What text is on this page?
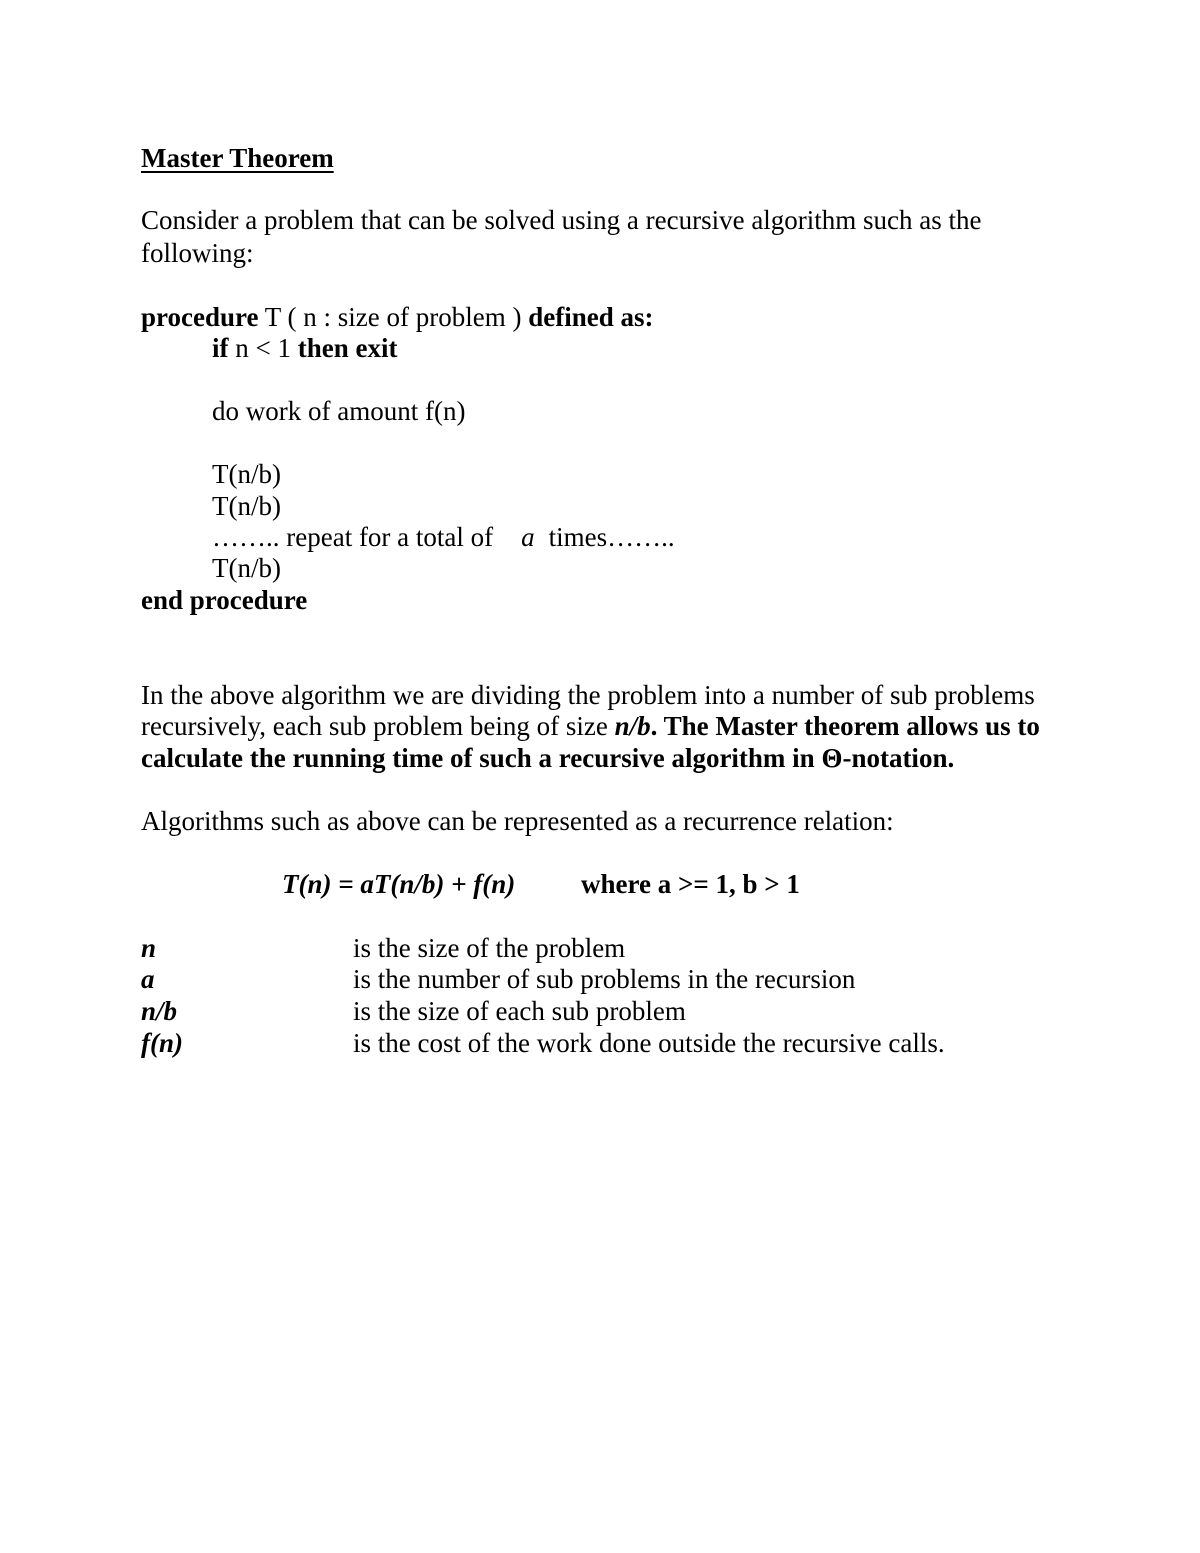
Master Theorem
Consider a problem that can be solved using a recursive algorithm such as the
following:
procedure T ( n : size of problem ) defined as:
if n < 1 then exit
do work of amount f(n)
T(n/b)
T(n/b)
…….. repeat for a total of a times……..
T(n/b)
end procedure
In the above algorithm we are dividing the problem into a number of sub problems
recursively, each sub problem being of size n/b. The Master theorem allows us to
calculate the running time of such a recursive algorithm in Θ-notation.
Algorithms such as above can be represented as a recurrence relation:
T(n) = aT(n/b) + f(n) where a >= 1, b > 1
n	is the size of the problem
a	is the number of sub problems in the recursion
n/b	is the size of each sub problem
f(n)	is the cost of the work done outside the recursive calls.
